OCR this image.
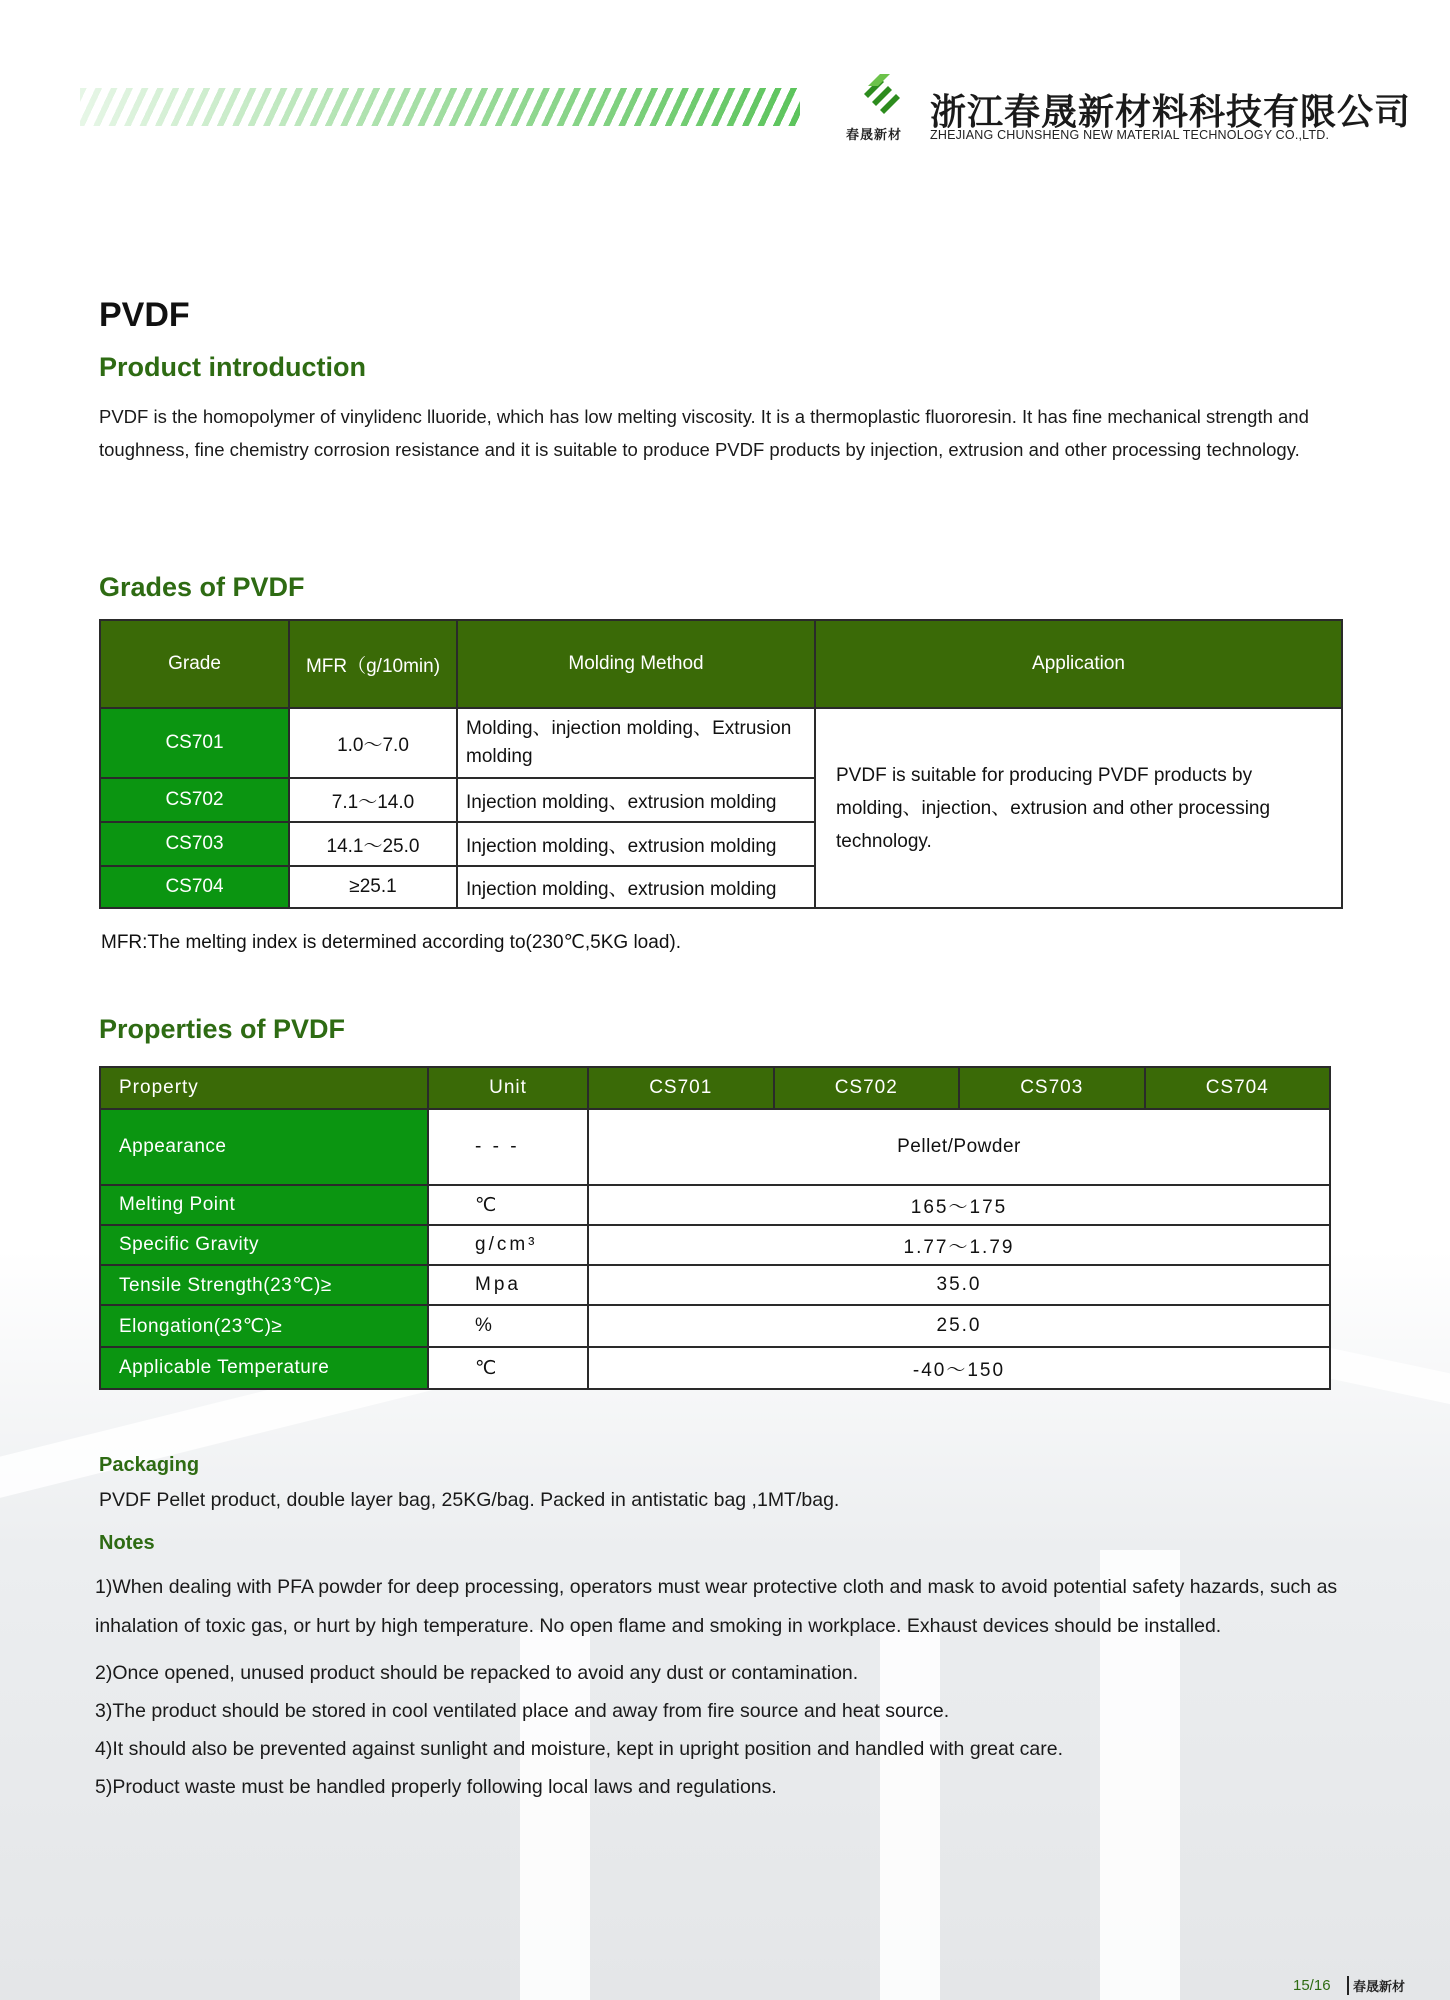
春晟新材
浙江春晟新材料科技有限公司
ZHEJIANG CHUNSHENG NEW MATERIAL TECHNOLOGY CO.,LTD.
PVDF
Product introduction
PVDF is the homopolymer of vinylidenc lluoride, which has low melting viscosity. It is a thermoplastic fluororesin. It has fine mechanical strength and toughness, fine chemistry corrosion resistance and it is suitable to produce PVDF products by injection, extrusion and other processing technology.
Grades of PVDF
Grade	MFR（g/10min)	Molding Method	Application
CS701	1.0～7.0	Molding、injection molding、Extrusion molding	PVDF is suitable for producing PVDF products by molding、injection、extrusion and other processing technology.
CS702	7.1～14.0	Injection molding、extrusion molding	
CS703	14.1～25.0	Injection molding、extrusion molding	
CS704	≥25.1	Injection molding、extrusion molding	
MFR:The melting index is determined according to(230℃,5KG load).
Properties of PVDF
Property	Unit	CS701	CS702	CS703	CS704
Appearance	- - -	Pellet/Powder			
Melting Point	℃	165～175			
Specific Gravity	g/cm³	1.77～1.79			
Tensile Strength(23℃)≥	Mpa	35.0			
Elongation(23℃)≥	%	25.0			
Applicable Temperature	℃	-40～150			
Packaging
PVDF Pellet product, double layer bag, 25KG/bag. Packed in antistatic bag ,1MT/bag.
Notes

1)When dealing with PFA powder for deep processing, operators must wear protective cloth and mask to avoid potential safety hazards, such as inhalation of toxic gas, or hurt by high temperature. No open flame and smoking in workplace. Exhaust devices should be installed.

2)Once opened, unused product should be repacked to avoid any dust or contamination.

3)The product should be stored in cool ventilated place and away from fire source and heat source.

4)It should also be prevented against sunlight and moisture, kept in upright position and handled with great care.

5)Product waste must be handled properly following local laws and regulations.

15/16	春晟新材
